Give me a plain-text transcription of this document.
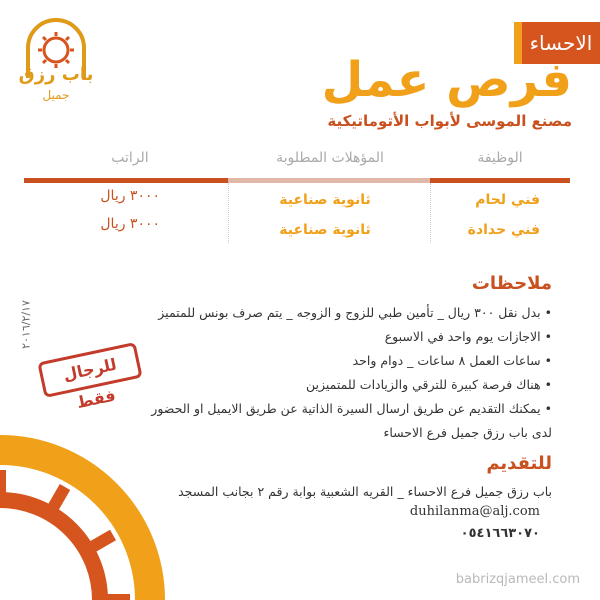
الاحساء
باب رزق
جميل	فرص عمل
مصنع الموسى لأبواب الأتوماتيكية
الوظيفة
المؤهلات المطلوبة
الراتب
فني لحام
ثانوية صناعية
٣٠٠٠ ريال
فني حدادة
ثانوية صناعية
٣٠٠٠ ريال
ملاحظات
• بدل نقل ٣٠٠ ريال _ تأمين طبي للزوج و الزوجه _ يتم صرف بونس للمتميز
• الاجازات يوم واحد في الاسبوع
• ساعات العمل ٨ ساعات _ دوام واحد
• هناك فرصة كبيرة للترقي والزيادات للمتميزين
• يمكنك التقديم عن طريق ارسال السيرة الذاتية عن طريق الايميل او الحضور
لدى باب رزق جميل فرع الاحساء
للرجال فقط
٢٠١٦/٢/١٧
للتقديم
باب رزق جميل فرع الاحساء _ القريه الشعبية بوابة رقم ٢ بجانب المسجد
duhilanma@alj.com
٠٥٤١٦٦٣٠٧٠
babrizqjameel.com
